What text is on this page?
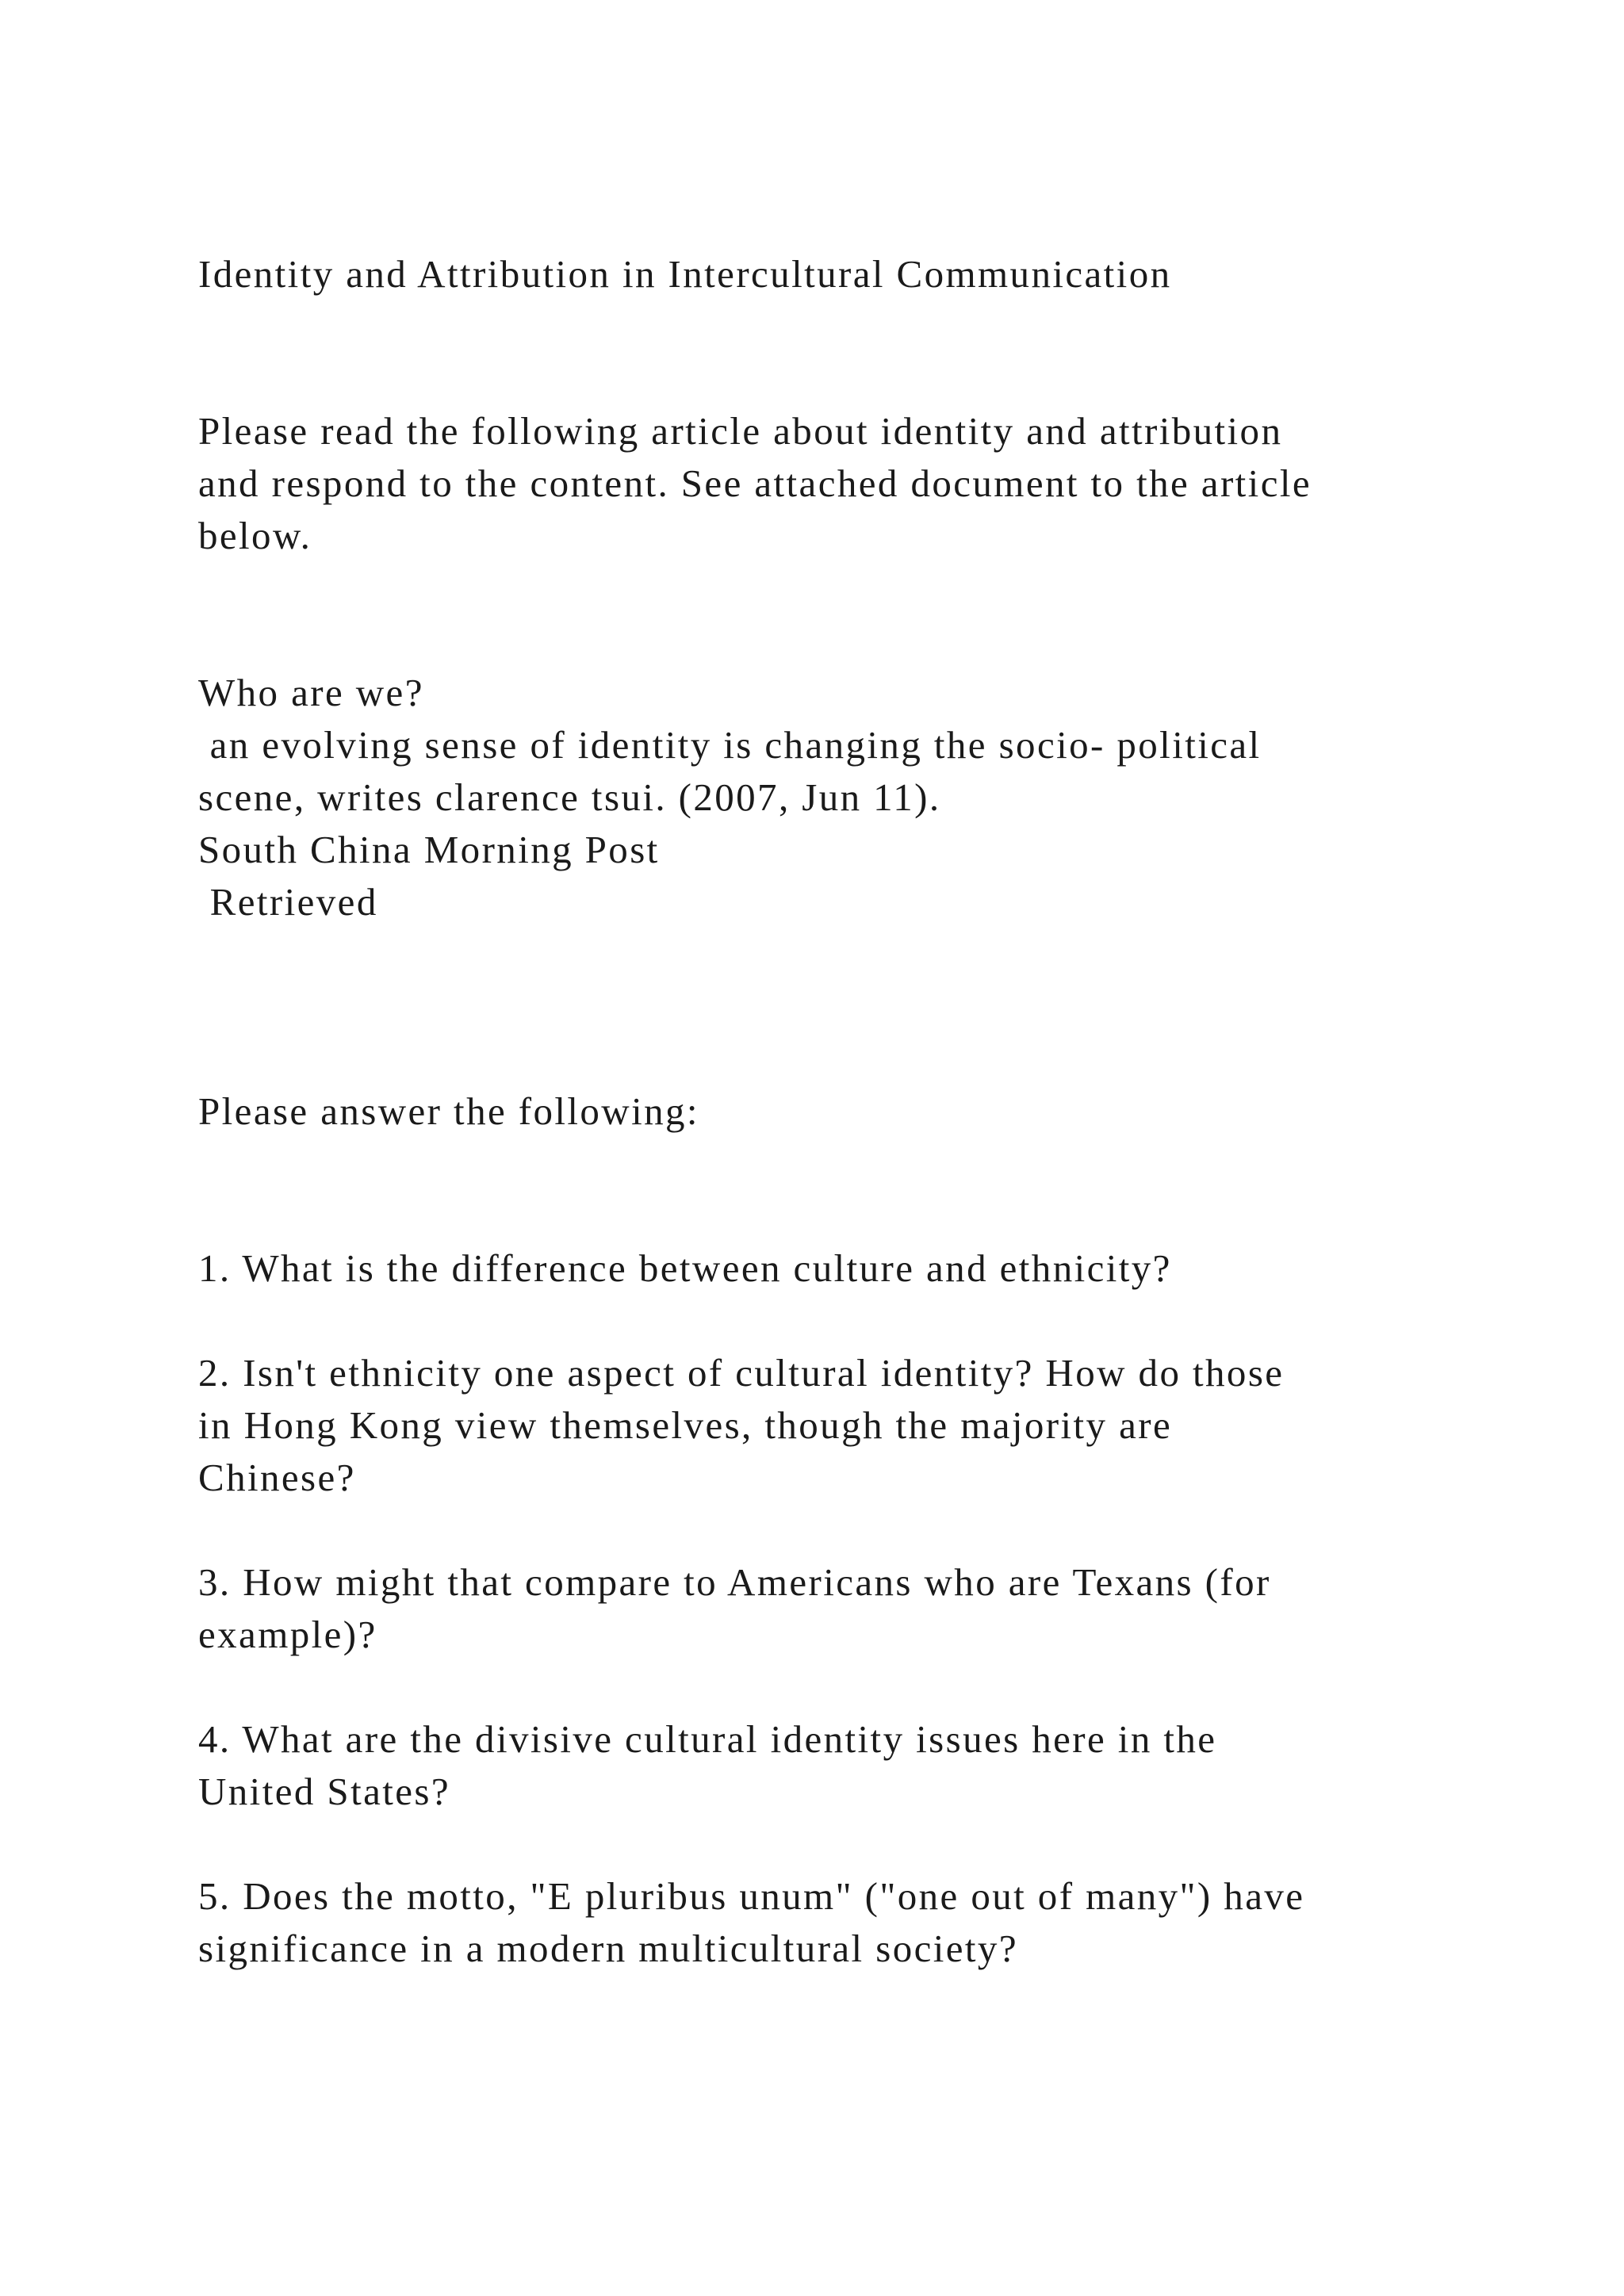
Identity and Attribution in Intercultural Communication
Please read the following article about identity and attribution
and respond to the content. See attached document to the article
below.
Who are we?
an evolving sense of identity is changing the socio- political
scene, writes clarence tsui. (2007, Jun 11).
South China Morning Post
Retrieved
Please answer the following:
1. What is the difference between culture and ethnicity?
2. Isn't ethnicity one aspect of cultural identity? How do those
in Hong Kong view themselves, though the majority are
Chinese?
3. How might that compare to Americans who are Texans (for
example)?
4. What are the divisive cultural identity issues here in the
United States?
5. Does the motto, "E pluribus unum" ("one out of many") have
significance in a modern multicultural society?
